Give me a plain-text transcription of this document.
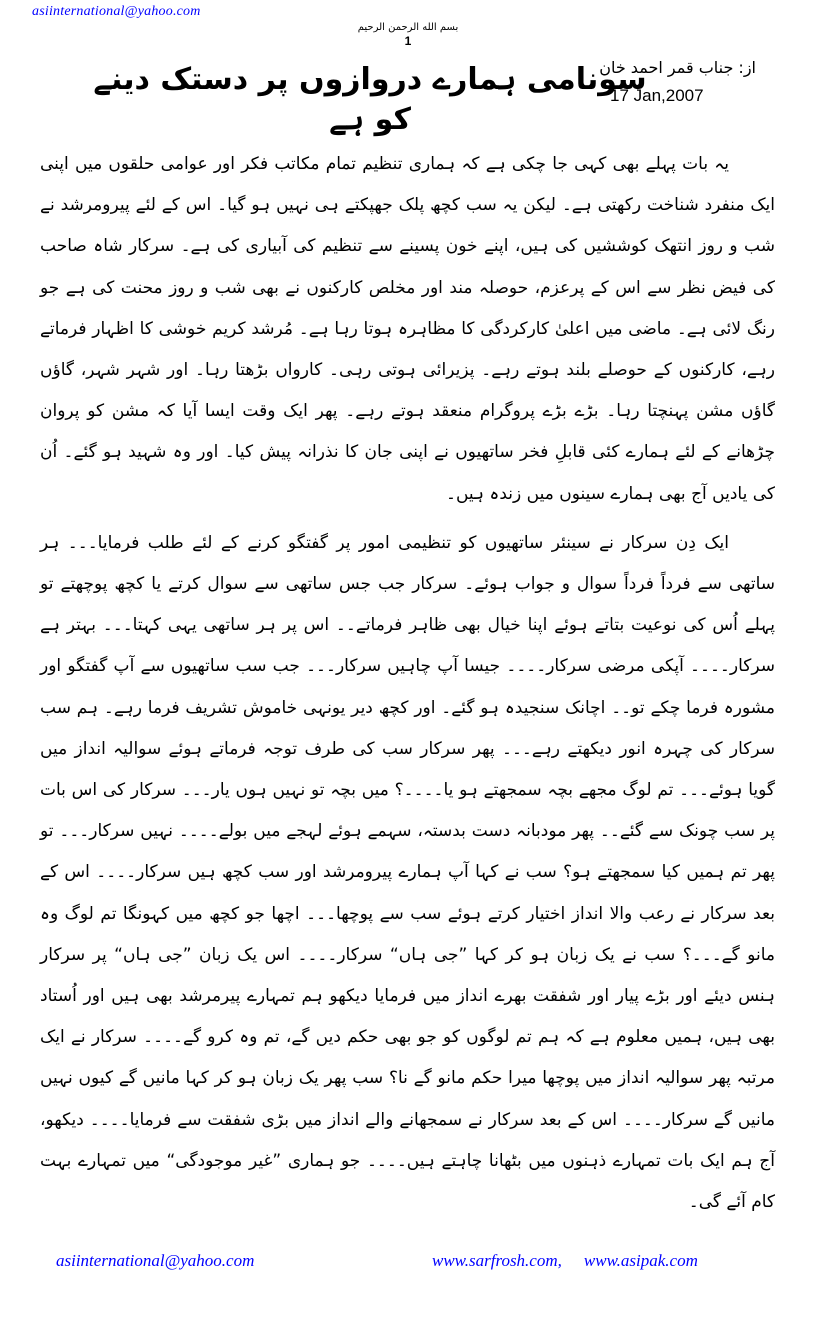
asiinternational@yahoo.com
بسم الله الرحمن الرحیم
1
سونامی ہمارے دروازوں پر دستک دینے کو ہے
از: جناب قمر احمد خان
17 Jan,2007

یہ بات پہلے بھی کہی جا چکی ہے کہ ہماری تنظیم تمام مکاتب فکر اور عوامی حلقوں میں اپنی ایک منفرد شناخت رکھتی ہے۔ لیکن یہ سب کچھ پلک جھپکتے ہی نہیں ہو گیا۔ اس کے لئے پیرومرشد نے شب و روز انتھک کوششیں کی ہیں، اپنے خون پسینے سے تنظیم کی آبیاری کی ہے۔ سرکار شاہ صاحب کی فیض نظر سے اس کے پرعزم، حوصلہ مند اور مخلص کارکنوں نے بھی شب و روز محنت کی ہے جو رنگ لائی ہے۔ ماضی میں اعلیٰ کارکردگی کا مظاہرہ ہوتا رہا ہے۔ مُرشد کریم خوشی کا اظہار فرماتے رہے، کارکنوں کے حوصلے بلند ہوتے رہے۔ پزیرائی ہوتی رہی۔ کارواں بڑھتا رہا۔ اور شہر شہر، گاؤں گاؤں مشن پہنچتا رہا۔ بڑے بڑے پروگرام منعقد ہوتے رہے۔ پھر ایک وقت ایسا آیا کہ مشن کو پروان چڑھانے کے لئے ہمارے کئی قابلِ فخر ساتھیوں نے اپنی جان کا نذرانہ پیش کیا۔ اور وہ شہید ہو گئے۔ اُن کی یادیں آج بھی ہمارے سینوں میں زندہ ہیں۔

ایک دِن سرکار نے سینئر ساتھیوں کو تنظیمی امور پر گفتگو کرنے کے لئے طلب فرمایا۔۔۔ ہر ساتھی سے فرداً فرداً سوال و جواب ہوئے۔ سرکار جب جس ساتھی سے سوال کرتے یا کچھ پوچھتے تو پہلے اُس کی نوعیت بتاتے ہوئے اپنا خیال بھی ظاہر فرماتے۔۔ اس پر ہر ساتھی یہی کہتا۔۔۔ بہتر ہے سرکار۔۔۔۔ آپکی مرضی سرکار۔۔۔۔ جیسا آپ چاہیں سرکار۔۔۔ جب سب ساتھیوں سے آپ گفتگو اور مشورہ فرما چکے تو۔۔ اچانک سنجیدہ ہو گئے۔ اور کچھ دیر یونہی خاموش تشریف فرما رہے۔ ہم سب سرکار کی چہرہ انور دیکھتے رہے۔۔۔ پھر سرکار سب کی طرف توجہ فرماتے ہوئے سوالیہ انداز میں گویا ہوئے۔۔۔ تم لوگ مجھے بچہ سمجھتے ہو یا۔۔۔۔؟ میں بچہ تو نہیں ہوں یار۔۔۔ سرکار کی اس بات پر سب چونک سے گئے۔۔ پھر مودبانہ دست بدستہ، سہمے ہوئے لہجے میں بولے۔۔۔۔ نہیں سرکار۔۔۔ تو پھر تم ہمیں کیا سمجھتے ہو؟ سب نے کہا آپ ہمارے پیرومرشد اور سب کچھ ہیں سرکار۔۔۔۔ اس کے بعد سرکار نے رعب والا انداز اختیار کرتے ہوئے سب سے پوچھا۔۔۔ اچھا جو کچھ میں کہونگا تم لوگ وہ مانو گے۔۔۔؟ سب نے یک زبان ہو کر کہا ”جی ہاں“ سرکار۔۔۔۔ اس یک زبان ”جی ہاں“ پر سرکار ہنس دیئے اور بڑے پیار اور شفقت بھرے انداز میں فرمایا دیکھو ہم تمہارے پیرمرشد بھی ہیں اور اُستاد بھی ہیں، ہمیں معلوم ہے کہ ہم تم لوگوں کو جو بھی حکم دیں گے، تم وہ کرو گے۔۔۔۔ سرکار نے ایک مرتبہ پھر سوالیہ انداز میں پوچھا میرا حکم مانو گے نا؟ سب پھر یک زبان ہو کر کہا مانیں گے کیوں نہیں مانیں گے سرکار۔۔۔۔ اس کے بعد سرکار نے سمجھانے والے انداز میں بڑی شفقت سے فرمایا۔۔۔۔ دیکھو، آج ہم ایک بات تمہارے ذہنوں میں بٹھانا چاہتے ہیں۔۔۔۔ جو ہماری ”غیر موجودگی“ میں تمہارے بہت کام آئے گی۔

asiinternational@yahoo.com	www.sarfrosh.com, www.asipak.com
